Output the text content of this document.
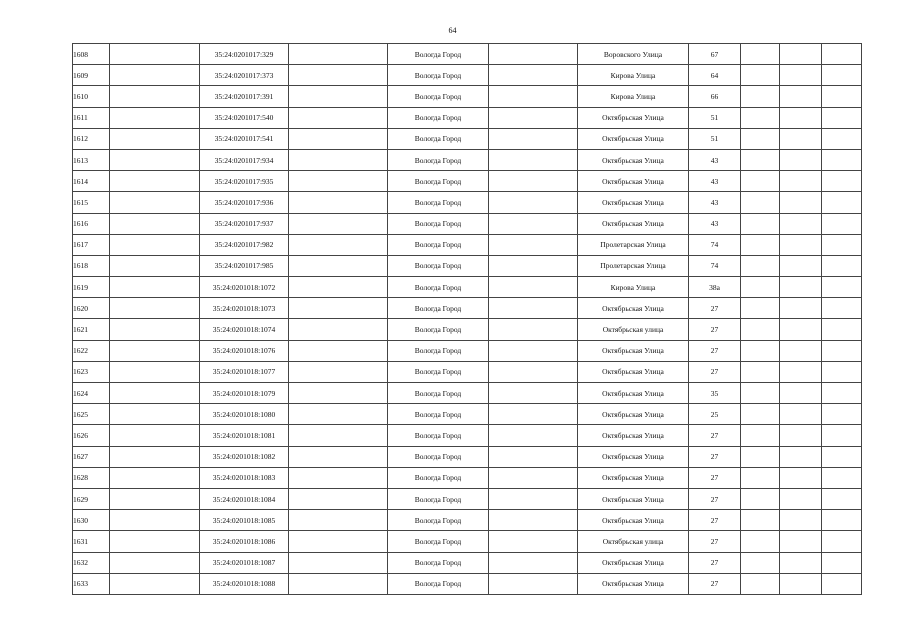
64
1608		35:24:0201017:329		Вологда Город		Воровского Улица	67			
1609		35:24:0201017:373		Вологда Город		Кирова Улица	64			
1610		35:24:0201017:391		Вологда Город		Кирова Улица	66			
1611		35:24:0201017:540		Вологда Город		Октябрьская Улица	51			
1612		35:24:0201017:541		Вологда Город		Октябрьская Улица	51			
1613		35:24:0201017:934		Вологда Город		Октябрьская Улица	43			
1614		35:24:0201017:935		Вологда Город		Октябрьская Улица	43			
1615		35:24:0201017:936		Вологда Город		Октябрьская Улица	43			
1616		35:24:0201017:937		Вологда Город		Октябрьская Улица	43			
1617		35:24:0201017:982		Вологда Город		Пролетарская Улица	74			
1618		35:24:0201017:985		Вологда Город		Пролетарская Улица	74			
1619		35:24:0201018:1072		Вологда Город		Кирова Улица	38а			
1620		35:24:0201018:1073		Вологда Город		Октябрьская Улица	27			
1621		35:24:0201018:1074		Вологда Город		Октябрьская улица	27			
1622		35:24:0201018:1076		Вологда Город		Октябрьская Улица	27			
1623		35:24:0201018:1077		Вологда Город		Октябрьская Улица	27			
1624		35:24:0201018:1079		Вологда Город		Октябрьская Улица	35			
1625		35:24:0201018:1080		Вологда Город		Октябрьская Улица	25			
1626		35:24:0201018:1081		Вологда Город		Октябрьская Улица	27			
1627		35:24:0201018:1082		Вологда Город		Октябрьская Улица	27			
1628		35:24:0201018:1083		Вологда Город		Октябрьская Улица	27			
1629		35:24:0201018:1084		Вологда Город		Октябрьская Улица	27			
1630		35:24:0201018:1085		Вологда Город		Октябрьская Улица	27			
1631		35:24:0201018:1086		Вологда Город		Октябрьская улица	27			
1632		35:24:0201018:1087		Вологда Город		Октябрьская Улица	27			
1633		35:24:0201018:1088		Вологда Город		Октябрьская Улица	27			
